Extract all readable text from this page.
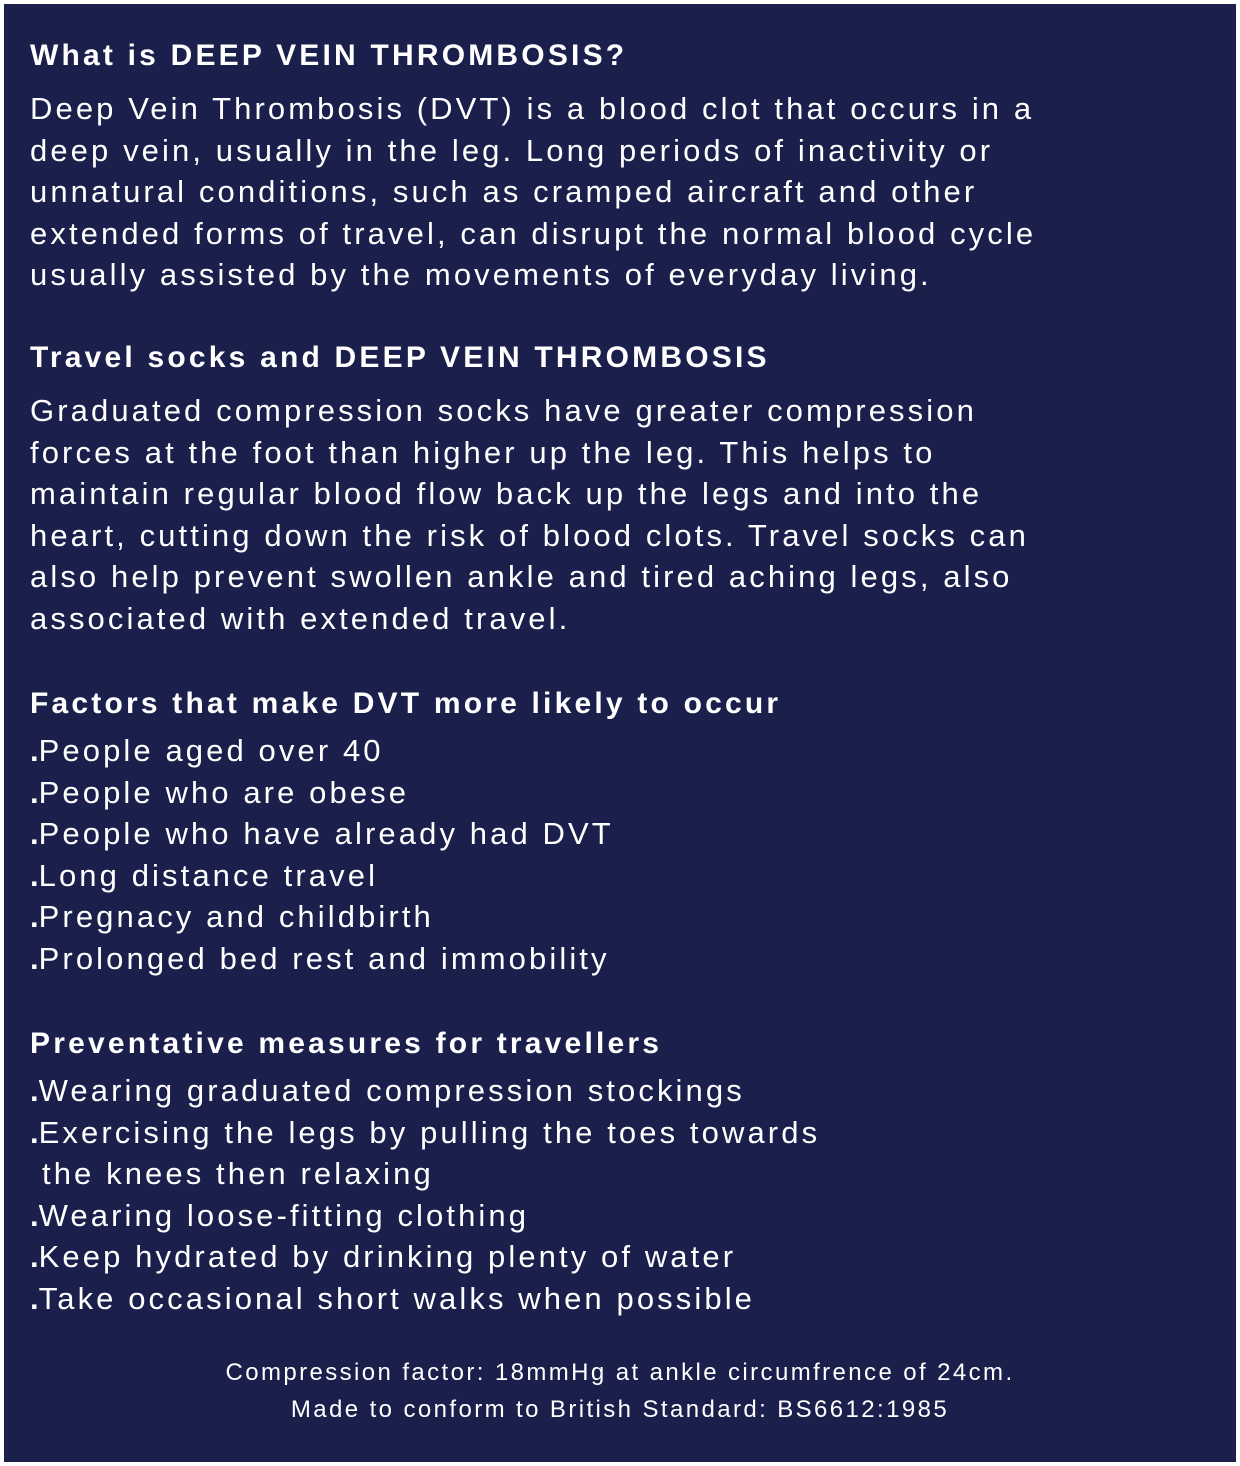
What is DEEP VEIN THROMBOSIS?

Deep Vein Thrombosis (DVT) is a blood clot that occurs in a
deep vein, usually in the leg. Long periods of inactivity or
unnatural conditions, such as cramped aircraft and other
extended forms of travel, can disrupt the normal blood cycle
usually assisted by the movements of everyday living.

Travel socks and DEEP VEIN THROMBOSIS

Graduated compression socks have greater compression
forces at the foot than higher up the leg. This helps to
maintain regular blood flow back up the legs and into the
heart, cutting down the risk of blood clots. Travel socks can
also help prevent swollen ankle and tired aching legs, also
associated with extended travel.

Factors that make DVT more likely to occur
.People aged over 40
.People who are obese
.People who have already had DVT
.Long distance travel
.Pregnacy and childbirth
.Prolonged bed rest and immobility
Preventative measures for travellers
.Wearing graduated compression stockings
.Exercising the legs by pulling the toes towards
the knees then relaxing
.Wearing loose-fitting clothing
.Keep hydrated by drinking plenty of water
.Take occasional short walks when possible
Compression factor: 18mmHg at ankle circumfrence of 24cm.
Made to conform to British Standard: BS6612:1985
